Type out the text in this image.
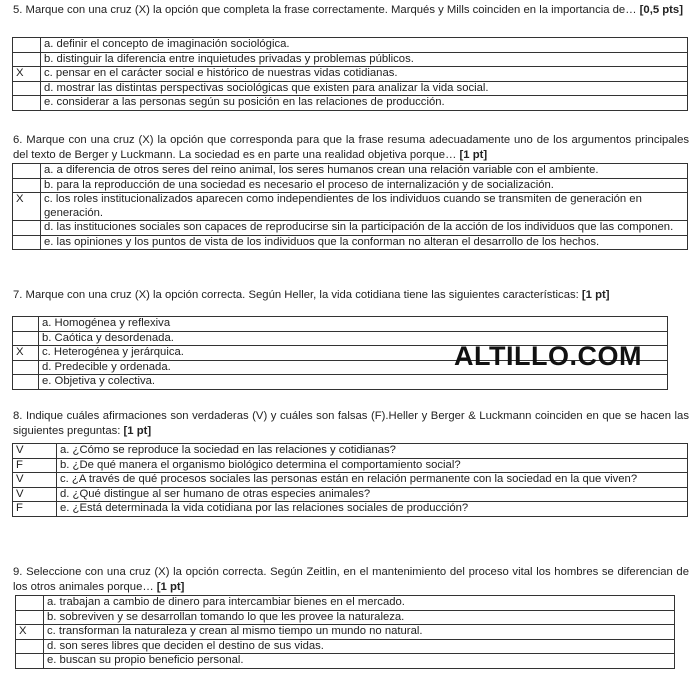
5. Marque con una cruz (X) la opción que completa la frase correctamente. Marqués y Mills coinciden en la importancia de… [0,5 pts]
	a. definir el concepto de imaginación sociológica.
	b. distinguir la diferencia entre inquietudes privadas y problemas públicos.
X	c. pensar en el carácter social e histórico de nuestras vidas cotidianas.
	d. mostrar las distintas perspectivas sociológicas que existen para analizar la vida social.
	e. considerar a las personas según su posición en las relaciones de producción.
6. Marque con una cruz (X) la opción que corresponda para que la frase resuma adecuadamente uno de los argumentos principales del texto de Berger y Luckmann. La sociedad es en parte una realidad objetiva porque… [1 pt]
	a. a diferencia de otros seres del reino animal, los seres humanos crean una relación variable con el ambiente.
	b. para la reproducción de una sociedad es necesario el proceso de internalización y de socialización.
X	c. los roles institucionalizados aparecen como independientes de los individuos cuando se transmiten de generación en generación.
	d. las instituciones sociales son capaces de reproducirse sin la participación de la acción de los individuos que las componen.
	e. las opiniones y los puntos de vista de los individuos que la conforman no alteran el desarrollo de los hechos.
7. Marque con una cruz (X) la opción correcta. Según Heller, la vida cotidiana tiene las siguientes características: [1 pt]
	a. Homogénea y reflexiva
	b. Caótica y desordenada.
X	c. Heterogénea y jerárquica.
	d. Predecible y ordenada.
	e. Objetiva y colectiva.
ALTILLO.COM
8. Indique cuáles afirmaciones son verdaderas (V) y cuáles son falsas (F).Heller y Berger & Luckmann coinciden en que se hacen las siguientes preguntas: [1 pt]
V	a. ¿Cómo se reproduce la sociedad en las relaciones y cotidianas?
F	b. ¿De qué manera el organismo biológico determina el comportamiento social?
V	c. ¿A través de qué procesos sociales las personas están en relación permanente con la sociedad en la que viven?
V	d. ¿Qué distingue al ser humano de otras especies animales?
F	e. ¿Está determinada la vida cotidiana por las relaciones sociales de producción?
9. Seleccione con una cruz (X) la opción correcta. Según Zeitlin, en el mantenimiento del proceso vital los hombres se diferencian de los otros animales porque… [1 pt]
	a. trabajan a cambio de dinero para intercambiar bienes en el mercado.
	b. sobreviven y se desarrollan tomando lo que les provee la naturaleza.
X	c. transforman la naturaleza y crean al mismo tiempo un mundo no natural.
	d. son seres libres que deciden el destino de sus vidas.
	e. buscan su propio beneficio personal.
